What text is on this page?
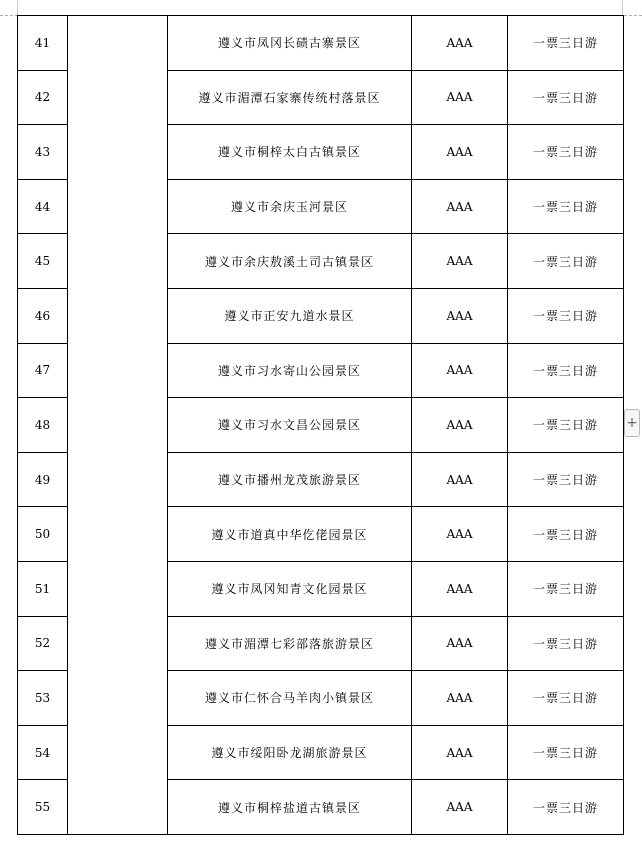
41		遵义市凤冈长碛古寨景区	AAA	一票三日游
42		遵义市湄潭石家寨传统村落景区	AAA	一票三日游
43		遵义市桐梓太白古镇景区	AAA	一票三日游
44		遵义市余庆玉河景区	AAA	一票三日游
45		遵义市余庆敖溪土司古镇景区	AAA	一票三日游
46		遵义市正安九道水景区	AAA	一票三日游
47		遵义市习水寄山公园景区	AAA	一票三日游
48		遵义市习水文昌公园景区	AAA	一票三日游
49		遵义市播州龙茂旅游景区	AAA	一票三日游
50		遵义市道真中华仡佬园景区	AAA	一票三日游
51		遵义市凤冈知青文化园景区	AAA	一票三日游
52		遵义市湄潭七彩部落旅游景区	AAA	一票三日游
53		遵义市仁怀合马羊肉小镇景区	AAA	一票三日游
54		遵义市绥阳卧龙湖旅游景区	AAA	一票三日游
55		遵义市桐梓盐道古镇景区	AAA	一票三日游
+
